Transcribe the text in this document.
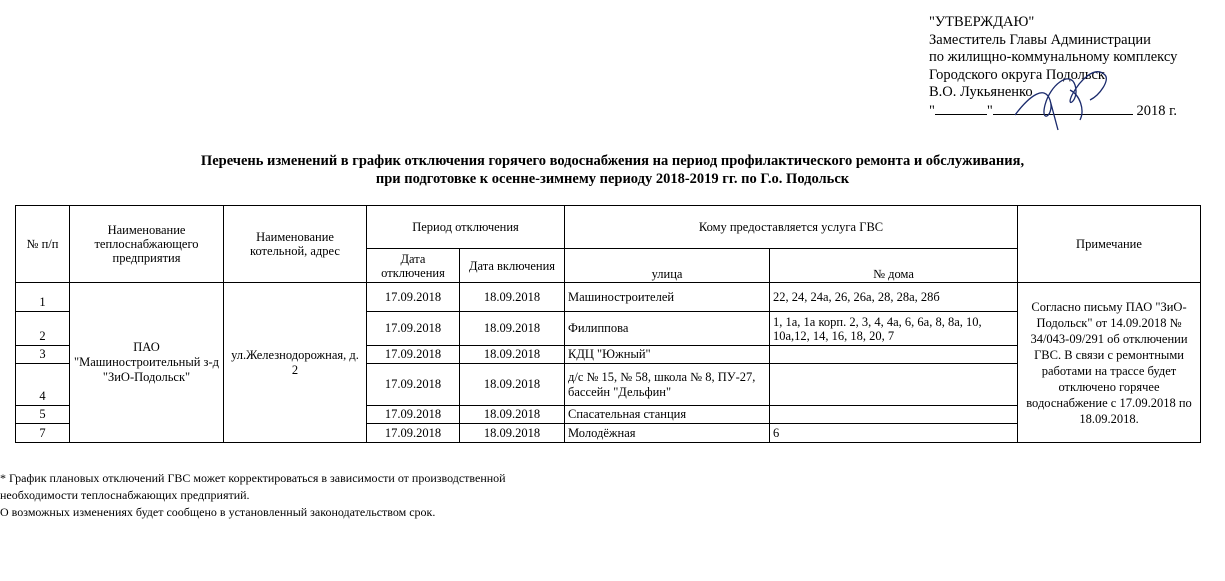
"УТВЕРЖДАЮ"
Заместитель Главы Администрации
по жилищно-коммунальному комплексу
Городского округа Подольск
В.О. Лукьяненко
"	"	2018 г.
Перечень изменений в график отключения горячего водоснабжения на период профилактического ремонта и обслуживания,
при подготовке к осенне-зимнему периоду 2018-2019 гг. по Г.о. Подольск
№ п/п	Наименование теплоснабжающего предприятия	Наименование котельной, адрес	Период отключения		Кому предоставляется услуга ГВС		Примечание
			Дата отключения	Дата включения	улица	№ дома	
1	ПАО "Машиностроительный з-д "ЗиО-Подольск"	ул.Железнодорожная, д. 2	17.09.2018	18.09.2018	Машиностроителей	22, 24, 24а, 26, 26а, 28, 28а, 28б	Согласно письму ПАО "ЗиО-Подольск" от 14.09.2018 № 34/043-09/291 об отключении ГВС. В связи с ремонтными работами на трассе будет отключено горячее водоснабжение с 17.09.2018 по 18.09.2018.
2			17.09.2018	18.09.2018	Филиппова	1, 1а, 1а корп. 2, 3, 4, 4а, 6, 6а, 8, 8а, 10, 10а,12, 14, 16, 18, 20, 7	
3			17.09.2018	18.09.2018	КДЦ "Южный"		
4			17.09.2018	18.09.2018	д/с № 15, № 58, школа № 8, ПУ-27, бассейн "Дельфин"		
5			17.09.2018	18.09.2018	Спасательная станция		
7			17.09.2018	18.09.2018	Молодёжная	6	
* График плановых отключений ГВС может корректироваться в зависимости от производственной
необходимости теплоснабжающих предприятий.
О возможных изменениях будет сообщено в установленный законодательством срок.
